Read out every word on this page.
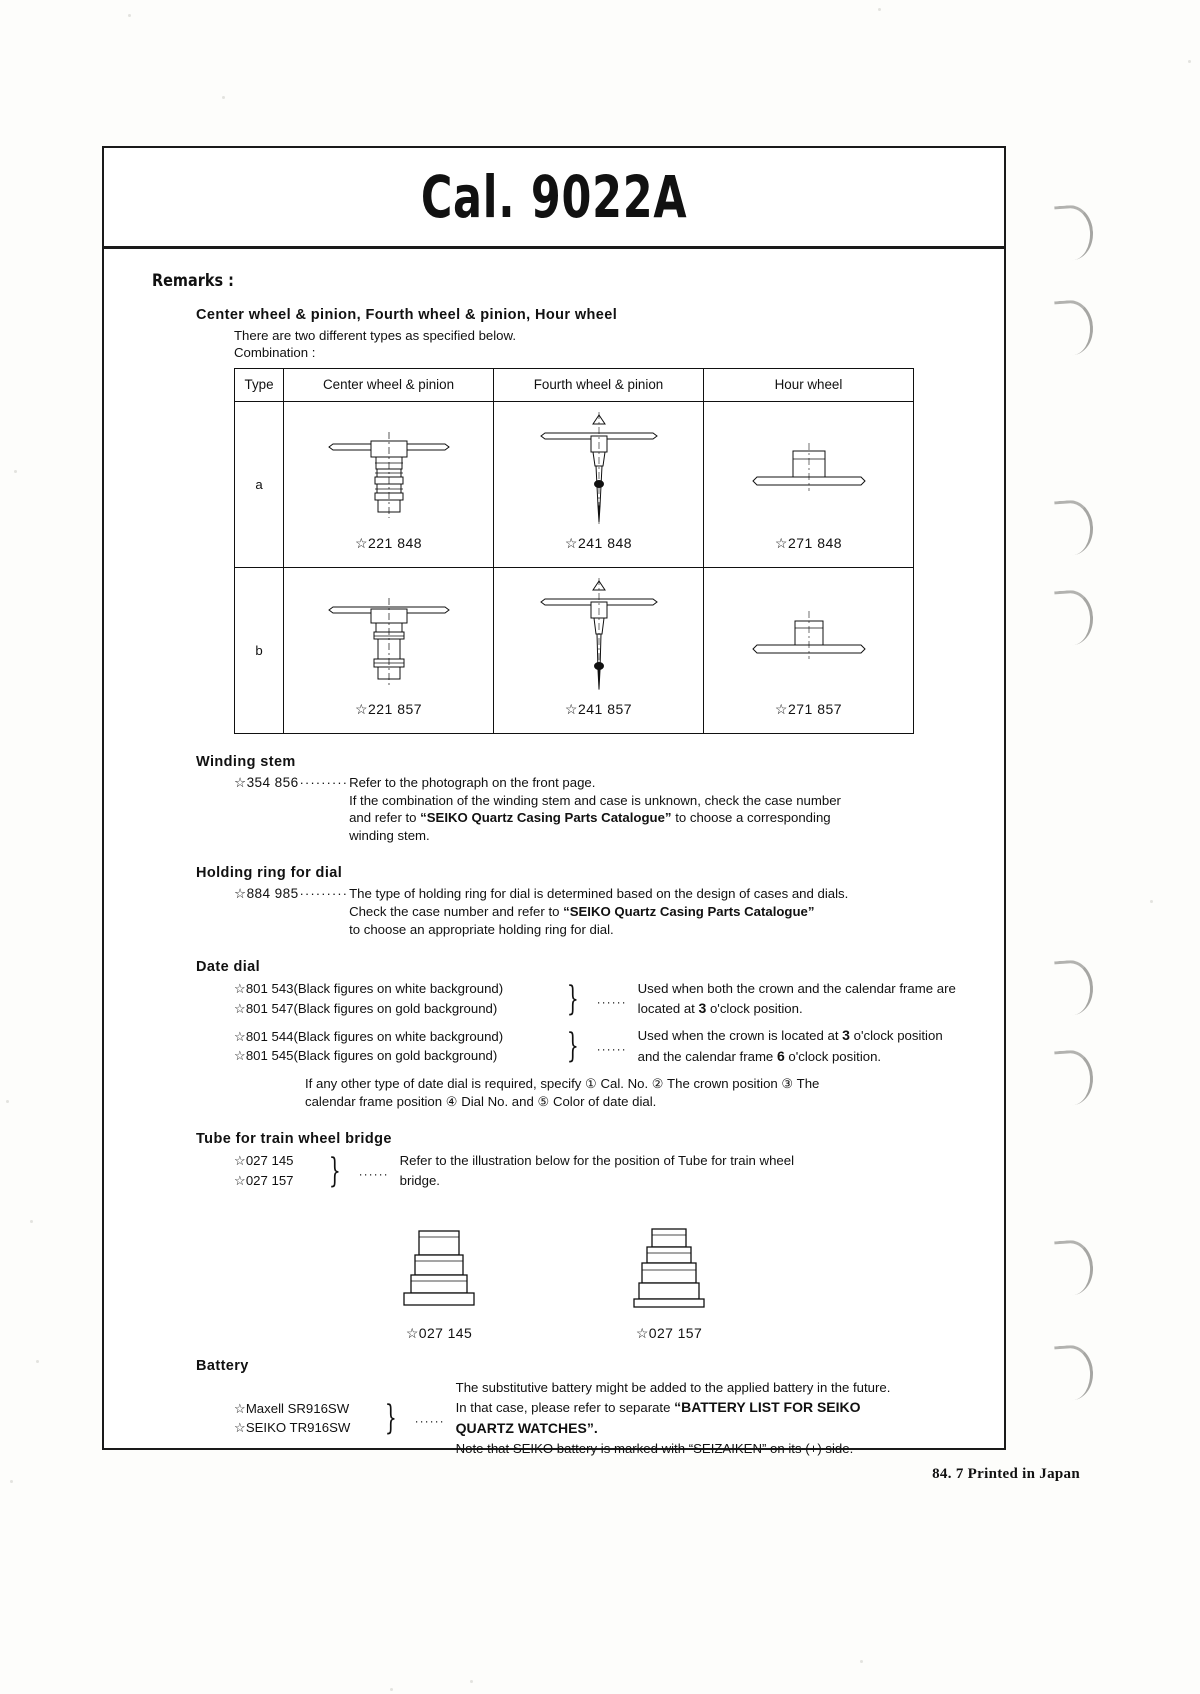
Cal. 9022A
Remarks :
Center wheel & pinion, Fourth wheel & pinion, Hour wheel
There are two different types as specified below.
Combination :
Type	Center wheel & pinion	Fourth wheel & pinion	Hour wheel
a	☆221 848	☆241 848	☆271 848

b	☆221 857	☆241 857	☆271 857
Winding stem
☆354 856 ········· Refer to the photograph on the front page.
If the combination of the winding stem and case is unknown, check the case number
and refer to “SEIKO Quartz Casing Parts Catalogue” to choose a corresponding
winding stem.
Holding ring for dial
☆884 985 ········· The type of holding ring for dial is determined based on the design of cases and dials.
Check the case number and refer to “SEIKO Quartz Casing Parts Catalogue”
to choose an appropriate holding ring for dial.
Date dial
☆801 543(Black figures on white background)
☆801 547(Black figures on gold background)	}	······
Used when both the crown and the calendar frame are
located at 3 o'clock position.
☆801 544(Black figures on white background)
☆801 545(Black figures on gold background)	}	······
Used when the crown is located at 3 o'clock position
and the calendar frame 6 o'clock position.
If any other type of date dial is required, specify ① Cal. No. ② The crown position ③ The
calendar frame position ④ Dial No. and ⑤ Color of date dial.
Tube for train wheel bridge
☆027 145
☆027 157	}	······
Refer to the illustration below for the position of Tube for train wheel
bridge.
☆027 145	☆027 157
Battery
☆Maxell SR916SW
☆SEIKO TR916SW	}	······
The substitutive battery might be added to the applied battery in the future.
In that case, please refer to separate “BATTERY LIST FOR SEIKO
QUARTZ WATCHES”.
Note that SEIKO battery is marked with “SEIZAIKEN” on its (+) side.
84. 7 Printed in Japan
